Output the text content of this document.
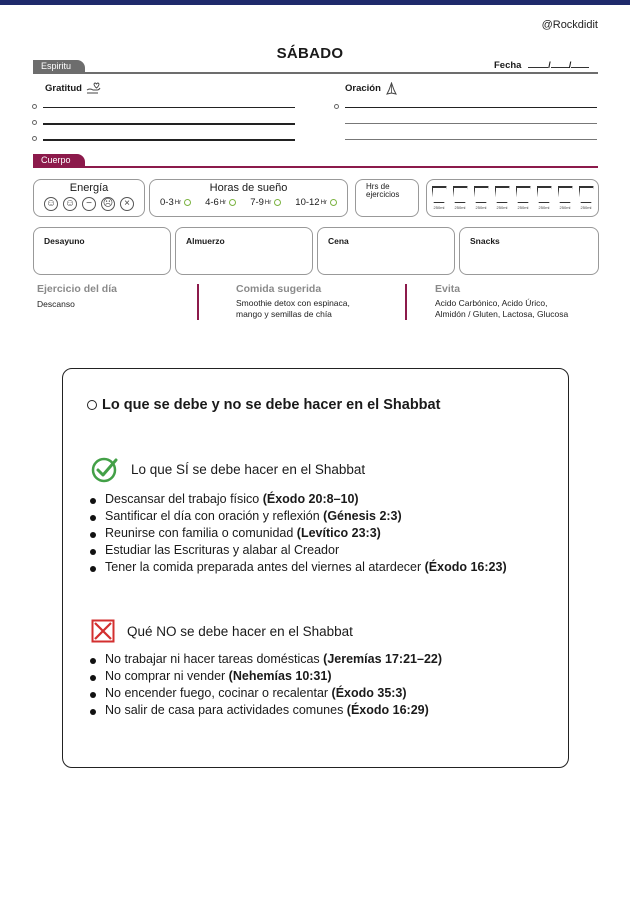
@Rockdidit
SÁBADO
Espiritu	Fecha	/ /
Gratitud	Oración
Cuerpo
Energía
☺ ☺	−	☹	×
Horas de sueño
0-3 Hr	4-6 Hr	7-9 Hr	10-12 Hr
Hrs de ejercicios
250ml	250ml	250ml	250ml	250ml	250ml	250ml	250ml
Desayuno	Almuerzo	Cena	Snacks
Ejercicio del día
Descanso
Comida sugerida
Smoothie detox con espinaca,
mango y semillas de chía
Evita
Acido Carbónico, Acido Úrico,
Almidón / Gluten, Lactosa, Glucosa
Lo que se debe y no se debe hacer en el Shabbat
Lo que SÍ se debe hacer en el Shabbat
Descansar del trabajo físico (Éxodo 20:8–10)
Santificar el día con oración y reflexión (Génesis 2:3)
Reunirse con familia o comunidad (Levítico 23:3)
Estudiar las Escrituras y alabar al Creador
Tener la comida preparada antes del viernes al atardecer (Éxodo 16:23)
Qué NO se debe hacer en el Shabbat
No trabajar ni hacer tareas domésticas (Jeremías 17:21–22)
No comprar ni vender (Nehemías 10:31)
No encender fuego, cocinar o recalentar (Éxodo 35:3)
No salir de casa para actividades comunes (Éxodo 16:29)
